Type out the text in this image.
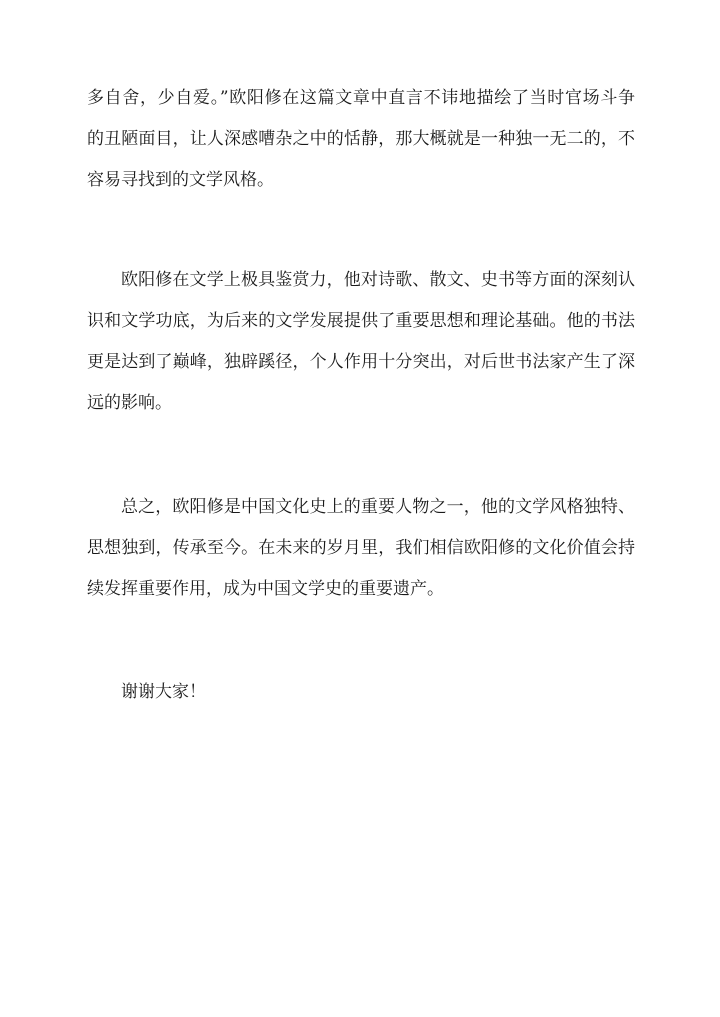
多自舍，少自爱。”欧阳修在这篇文章中直言不讳地描绘了当时官场斗争
的丑陋面目，让人深感嘈杂之中的恬静，那大概就是一种独一无二的，不
容易寻找到的文学风格。
欧阳修在文学上极具鉴赏力，他对诗歌、散文、史书等方面的深刻认
识和文学功底，为后来的文学发展提供了重要思想和理论基础。他的书法
更是达到了巅峰，独辟蹊径，个人作用十分突出，对后世书法家产生了深
远的影响。
总之，欧阳修是中国文化史上的重要人物之一，他的文学风格独特、
思想独到，传承至今。在未来的岁月里，我们相信欧阳修的文化价值会持
续发挥重要作用，成为中国文学史的重要遗产。
谢谢大家！
